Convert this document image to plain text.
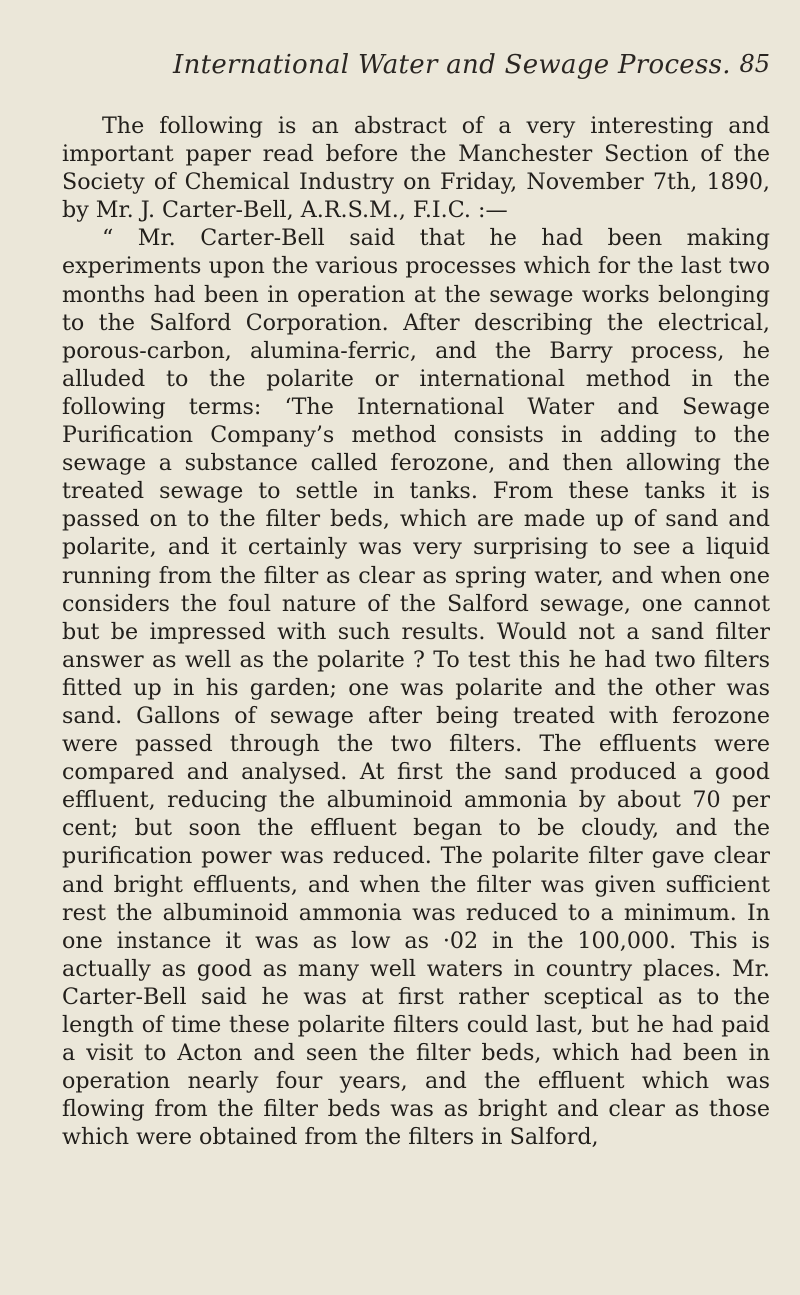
International Water and Sewage Process. 85

The following is an abstract of a very interesting and important paper read before the Manchester Section of the Society of Chemical Industry on Friday, November 7th, 1890, by Mr. J. Carter-Bell, A.R.S.M., F.I.C. :—

“ Mr. Carter-Bell said that he had been making experiments upon the various processes which for the last two months had been in operation at the sewage works belonging to the Salford Corporation. After describing the electrical, porous-carbon, alumina-ferric, and the Barry process, he alluded to the polarite or international method in the following terms: ‘The International Water and Sewage Purification Company’s method consists in adding to the sewage a substance called ferozone, and then allowing the treated sewage to settle in tanks. From these tanks it is passed on to the filter beds, which are made up of sand and polarite, and it certainly was very surprising to see a liquid running from the filter as clear as spring water, and when one considers the foul nature of the Salford sewage, one cannot but be impressed with such results. Would not a sand filter answer as well as the polarite ? To test this he had two filters fitted up in his garden; one was polarite and the other was sand. Gallons of sewage after being treated with ferozone were passed through the two filters. The effluents were compared and analysed. At first the sand produced a good effluent, reducing the albuminoid ammonia by about 70 per cent; but soon the effluent began to be cloudy, and the purification power was reduced. The polarite filter gave clear and bright effluents, and when the filter was given sufficient rest the albuminoid ammonia was reduced to a minimum. In one instance it was as low as ·02 in the 100,000. This is actually as good as many well waters in country places. Mr. Carter-Bell said he was at first rather sceptical as to the length of time these polarite filters could last, but he had paid a visit to Acton and seen the filter beds, which had been in operation nearly four years, and the effluent which was flowing from the filter beds was as bright and clear as those which were obtained from the filters in Salford,
